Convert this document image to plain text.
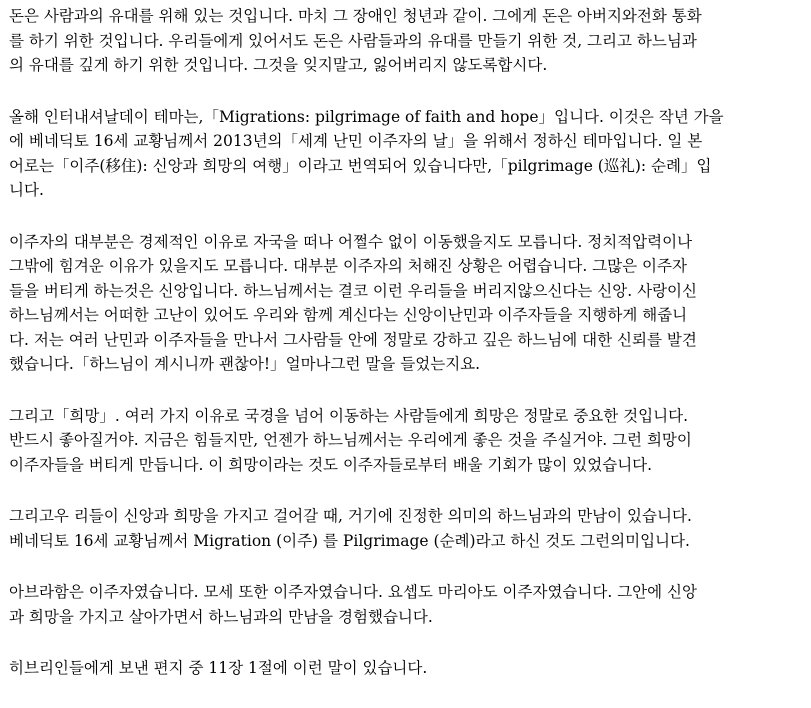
돈은 사람과의 유대를 위해 있는 것입니다. 마치 그 장애인 청년과 같이. 그에게 돈은 아버지와전화 통화
를 하기 위한 것입니다. 우리들에게 있어서도 돈은 사람들과의 유대를 만들기 위한 것, 그리고 하느님과
의 유대를 깊게 하기 위한 것입니다. 그것을 잊지말고, 잃어버리지 않도록합시다.
올해 인터내셔날데이 테마는,「Migrations: pilgrimage of faith and hope」입니다. 이것은 작년 가을
에 베네딕토 16세 교황님께서 2013년의「세계 난민 이주자의 날」을 위해서 정하신 테마입니다. 일 본
어로는「이주(移住): 신앙과 희망의 여행」이라고 번역되어 있습니다만,「pilgrimage (巡礼): 순례」입
니다.
이주자의 대부분은 경제적인 이유로 자국을 떠나 어쩔수 없이 이동했을지도 모릅니다. 정치적압력이나
그밖에 힘겨운 이유가 있을지도 모릅니다. 대부분 이주자의 처해진 상황은 어렵습니다. 그많은 이주자
들을 버티게 하는것은 신앙입니다. 하느님께서는 결코 이런 우리들을 버리지않으신다는 신앙. 사랑이신
하느님께서는 어떠한 고난이 있어도 우리와 함께 계신다는 신앙이난민과 이주자들을 지행하게 해줍니
다. 저는 여러 난민과 이주자들을 만나서 그사람들 안에 정말로 강하고 깊은 하느님에 대한 신뢰를 발견
했습니다.「하느님이 계시니까 괜찮아!」얼마나그런 말을 들었는지요.
그리고「희망」. 여러 가지 이유로 국경을 넘어 이동하는 사람들에게 희망은 정말로 중요한 것입니다.
반드시 좋아질거야. 지금은 힘들지만, 언젠가 하느님께서는 우리에게 좋은 것을 주실거야. 그런 희망이
이주자들을 버티게 만듭니다. 이 희망이라는 것도 이주자들로부터 배울 기회가 많이 있었습니다.
그리고우 리들이 신앙과 희망을 가지고 걸어갈 때, 거기에 진정한 의미의 하느님과의 만남이 있습니다.
베네딕토 16세 교황님께서 Migration (이주) 를 Pilgrimage (순례)라고 하신 것도 그런의미입니다.
아브라함은 이주자였습니다. 모세 또한 이주자였습니다. 요셉도 마리아도 이주자였습니다. 그안에 신앙
과 희망을 가지고 살아가면서 하느님과의 만남을 경험했습니다.
히브리인들에게 보낸 편지 중 11장 1절에 이런 말이 있습니다.
